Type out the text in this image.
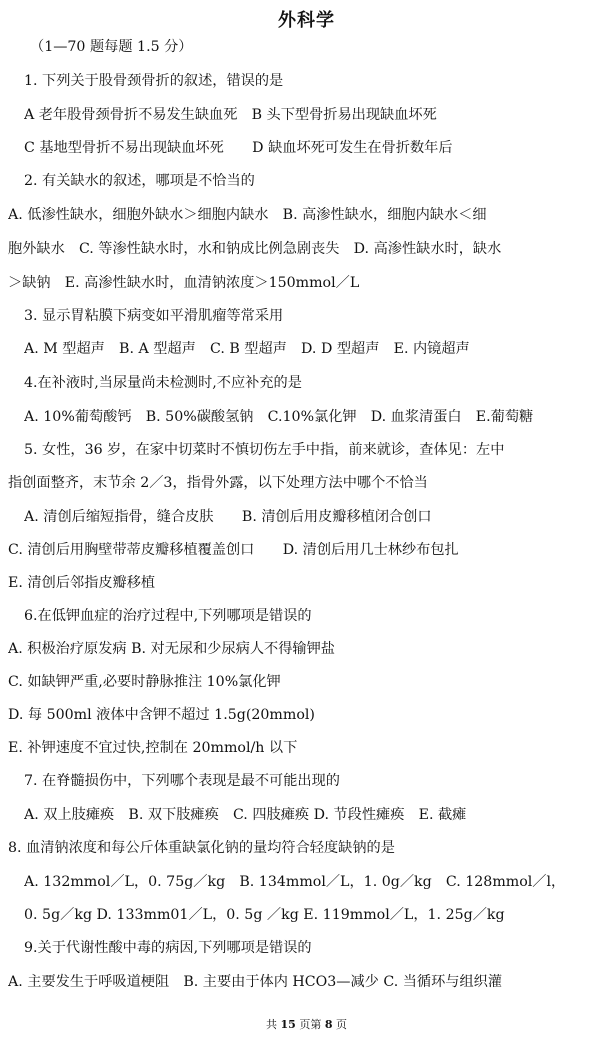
外科学
（1—70 题每题 1.5 分）
1. 下列关于股骨颈骨折的叙述，错误的是
A 老年股骨颈骨折不易发生缺血死　B 头下型骨折易出现缺血坏死
C 基地型骨折不易出现缺血坏死　　D 缺血坏死可发生在骨折数年后
2. 有关缺水的叙述，哪项是不恰当的
A. 低渗性缺水，细胞外缺水＞细胞内缺水　B. 高渗性缺水，细胞内缺水＜细
胞外缺水　C. 等渗性缺水时，水和钠成比例急剧丧失　D. 高渗性缺水时，缺水
＞缺钠　E. 高渗性缺水时，血清钠浓度＞150mmol／L
3. 显示胃粘膜下病变如平滑肌瘤等常采用
A. M 型超声　B. A 型超声　C. B 型超声　D. D 型超声　E. 内镜超声
4.在补液时,当尿量尚未检测时,不应补充的是
A. 10%葡萄酸钙　B. 50%碳酸氢钠　C.10%氯化钾　D. 血浆清蛋白　E.葡萄糖
5. 女性，36 岁，在家中切菜时不慎切伤左手中指，前来就诊，查体见：左中
指创面整齐，末节余 2／3，指骨外露，以下处理方法中哪个不恰当
A. 清创后缩短指骨，缝合皮肤　　B. 清创后用皮瓣移植闭合创口
C. 清创后用胸壁带蒂皮瓣移植覆盖创口　　D. 清创后用几士林纱布包扎
E. 清创后邻指皮瓣移植
6.在低钾血症的治疗过程中,下列哪项是错误的
A. 积极治疗原发病 B. 对无尿和少尿病人不得输钾盐
C. 如缺钾严重,必要时静脉推注 10%氯化钾
D. 每 500ml 液体中含钾不超过 1.5g(20mmol)
E. 补钾速度不宜过快,控制在 20mmol/h 以下
7. 在脊髓损伤中，下列哪个表现是最不可能出现的
A. 双上肢瘫痪　B. 双下肢瘫痪　C. 四肢瘫痪 D. 节段性瘫痪　E. 截瘫
8. 血清钠浓度和每公斤体重缺氯化钠的量均符合轻度缺钠的是
A. 132mmol／L，0. 75g／kg　B. 134mmol／L，1. 0g／kg　C. 128mmol／l，
0. 5g／kg D. 133mm01／L，0. 5g ／kg E. 119mmol／L，1. 25g／kg
9.关于代谢性酸中毒的病因,下列哪项是错误的
A. 主要发生于呼吸道梗阻　B. 主要由于体内 HCO3—减少 C. 当循环与组织灌
共 15 页第 8 页
